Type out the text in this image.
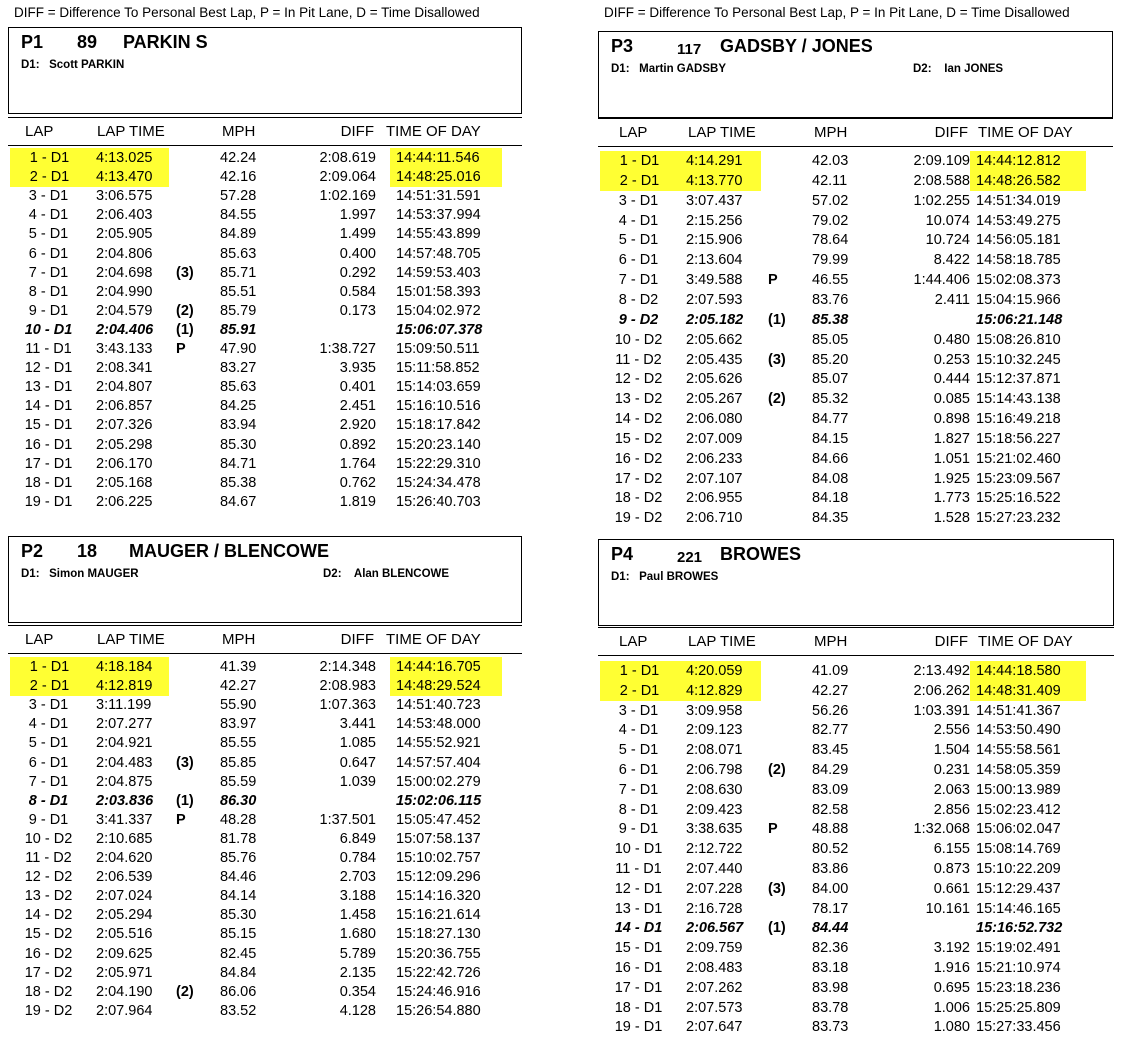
DIFF = Difference To Personal Best Lap, P = In Pit Lane, D = Time Disallowed	DIFF = Difference To Personal Best Lap, P = In Pit Lane, D = Time Disallowed
P1 89 PARKIN S
D1:   Scott PARKIN
LAP	LAP TIME	MPH	DIFF TIME OF DAY
1 - D1	4:13.025	42.24	2:08.619	14:44:11.546
2 - D1	4:13.470	42.16	2:09.064	14:48:25.016
3 - D1	3:06.575	57.28	1:02.169	14:51:31.591
4 - D1	2:06.403	84.55	1.997	14:53:37.994
5 - D1	2:05.905	84.89	1.499	14:55:43.899
6 - D1	2:04.806	85.63	0.400	14:57:48.705
7 - D1	2:04.698	(3) 85.71	0.292	14:59:53.403
8 - D1	2:04.990	85.51	0.584	15:01:58.393
9 - D1	2:04.579	(2) 85.79	0.173	15:04:02.972
10 - D1	2:04.406	(1) 85.91	15:06:07.378
11 - D1	3:43.133	P 47.90	1:38.727	15:09:50.511
12 - D1	2:08.341	83.27	3.935	15:11:58.852
13 - D1	2:04.807	85.63	0.401	15:14:03.659
14 - D1	2:06.857	84.25	2.451	15:16:10.516
15 - D1	2:07.326	83.94	2.920	15:18:17.842
16 - D1	2:05.298	85.30	0.892	15:20:23.140
17 - D1	2:06.170	84.71	1.764	15:22:29.310
18 - D1	2:05.168	85.38	0.762	15:24:34.478
19 - D1	2:06.225	84.67	1.819	15:26:40.703
P2 18 MAUGER / BLENCOWE
D1:   Simon MAUGER	D2:    Alan BLENCOWE
LAP	LAP TIME	MPH	DIFF TIME OF DAY
1 - D1	4:18.184	41.39	2:14.348	14:44:16.705
2 - D1	4:12.819	42.27	2:08.983	14:48:29.524
3 - D1	3:11.199	55.90	1:07.363	14:51:40.723
4 - D1	2:07.277	83.97	3.441	14:53:48.000
5 - D1	2:04.921	85.55	1.085	14:55:52.921
6 - D1	2:04.483	(3) 85.85	0.647	14:57:57.404
7 - D1	2:04.875	85.59	1.039	15:00:02.279
8 - D1	2:03.836	(1) 86.30	15:02:06.115
9 - D1	3:41.337	P 48.28	1:37.501	15:05:47.452
10 - D2	2:10.685	81.78	6.849	15:07:58.137
11 - D2	2:04.620	85.76	0.784	15:10:02.757
12 - D2	2:06.539	84.46	2.703	15:12:09.296
13 - D2	2:07.024	84.14	3.188	15:14:16.320
14 - D2	2:05.294	85.30	1.458	15:16:21.614
15 - D2	2:05.516	85.15	1.680	15:18:27.130
16 - D2	2:09.625	82.45	5.789	15:20:36.755
17 - D2	2:05.971	84.84	2.135	15:22:42.726
18 - D2	2:04.190	(2) 86.06	0.354	15:24:46.916
19 - D2	2:07.964	83.52	4.128	15:26:54.880
P3	117 GADSBY / JONES
D1:   Martin GADSBY	D2:    Ian JONES
LAP	LAP TIME	MPH	DIFF TIME OF DAY
1 - D1	4:14.291	42.03	2:09.109 14:44:12.812
2 - D1	4:13.770	42.11	2:08.588 14:48:26.582
3 - D1	3:07.437	57.02	1:02.255 14:51:34.019
4 - D1	2:15.256	79.02	10.074 14:53:49.275
5 - D1	2:15.906	78.64	10.724 14:56:05.181
6 - D1	2:13.604	79.99	8.422 14:58:18.785
7 - D1	3:49.588	P 46.55	1:44.406 15:02:08.373
8 - D2	2:07.593	83.76	2.411 15:04:15.966
9 - D2	2:05.182	(1) 85.38	15:06:21.148
10 - D2	2:05.662	85.05	0.480 15:08:26.810
11 - D2	2:05.435	(3) 85.20	0.253 15:10:32.245
12 - D2	2:05.626	85.07	0.444 15:12:37.871
13 - D2	2:05.267	(2) 85.32	0.085 15:14:43.138
14 - D2	2:06.080	84.77	0.898 15:16:49.218
15 - D2	2:07.009	84.15	1.827 15:18:56.227
16 - D2	2:06.233	84.66	1.051 15:21:02.460
17 - D2	2:07.107	84.08	1.925 15:23:09.567
18 - D2	2:06.955	84.18	1.773 15:25:16.522
19 - D2	2:06.710	84.35	1.528 15:27:23.232
P4	221 BROWES
D1:   Paul BROWES
LAP	LAP TIME	MPH	DIFF TIME OF DAY
1 - D1	4:20.059	41.09	2:13.492 14:44:18.580
2 - D1	4:12.829	42.27	2:06.262 14:48:31.409
3 - D1	3:09.958	56.26	1:03.391 14:51:41.367
4 - D1	2:09.123	82.77	2.556 14:53:50.490
5 - D1	2:08.071	83.45	1.504 14:55:58.561
6 - D1	2:06.798	(2) 84.29	0.231 14:58:05.359
7 - D1	2:08.630	83.09	2.063 15:00:13.989
8 - D1	2:09.423	82.58	2.856 15:02:23.412
9 - D1	3:38.635	P 48.88	1:32.068 15:06:02.047
10 - D1	2:12.722	80.52	6.155 15:08:14.769
11 - D1	2:07.440	83.86	0.873 15:10:22.209
12 - D1	2:07.228	(3) 84.00	0.661 15:12:29.437
13 - D1	2:16.728	78.17	10.161 15:14:46.165
14 - D1	2:06.567	(1) 84.44	15:16:52.732
15 - D1	2:09.759	82.36	3.192 15:19:02.491
16 - D1	2:08.483	83.18	1.916 15:21:10.974
17 - D1	2:07.262	83.98	0.695 15:23:18.236
18 - D1	2:07.573	83.78	1.006 15:25:25.809
19 - D1	2:07.647	83.73	1.080 15:27:33.456
